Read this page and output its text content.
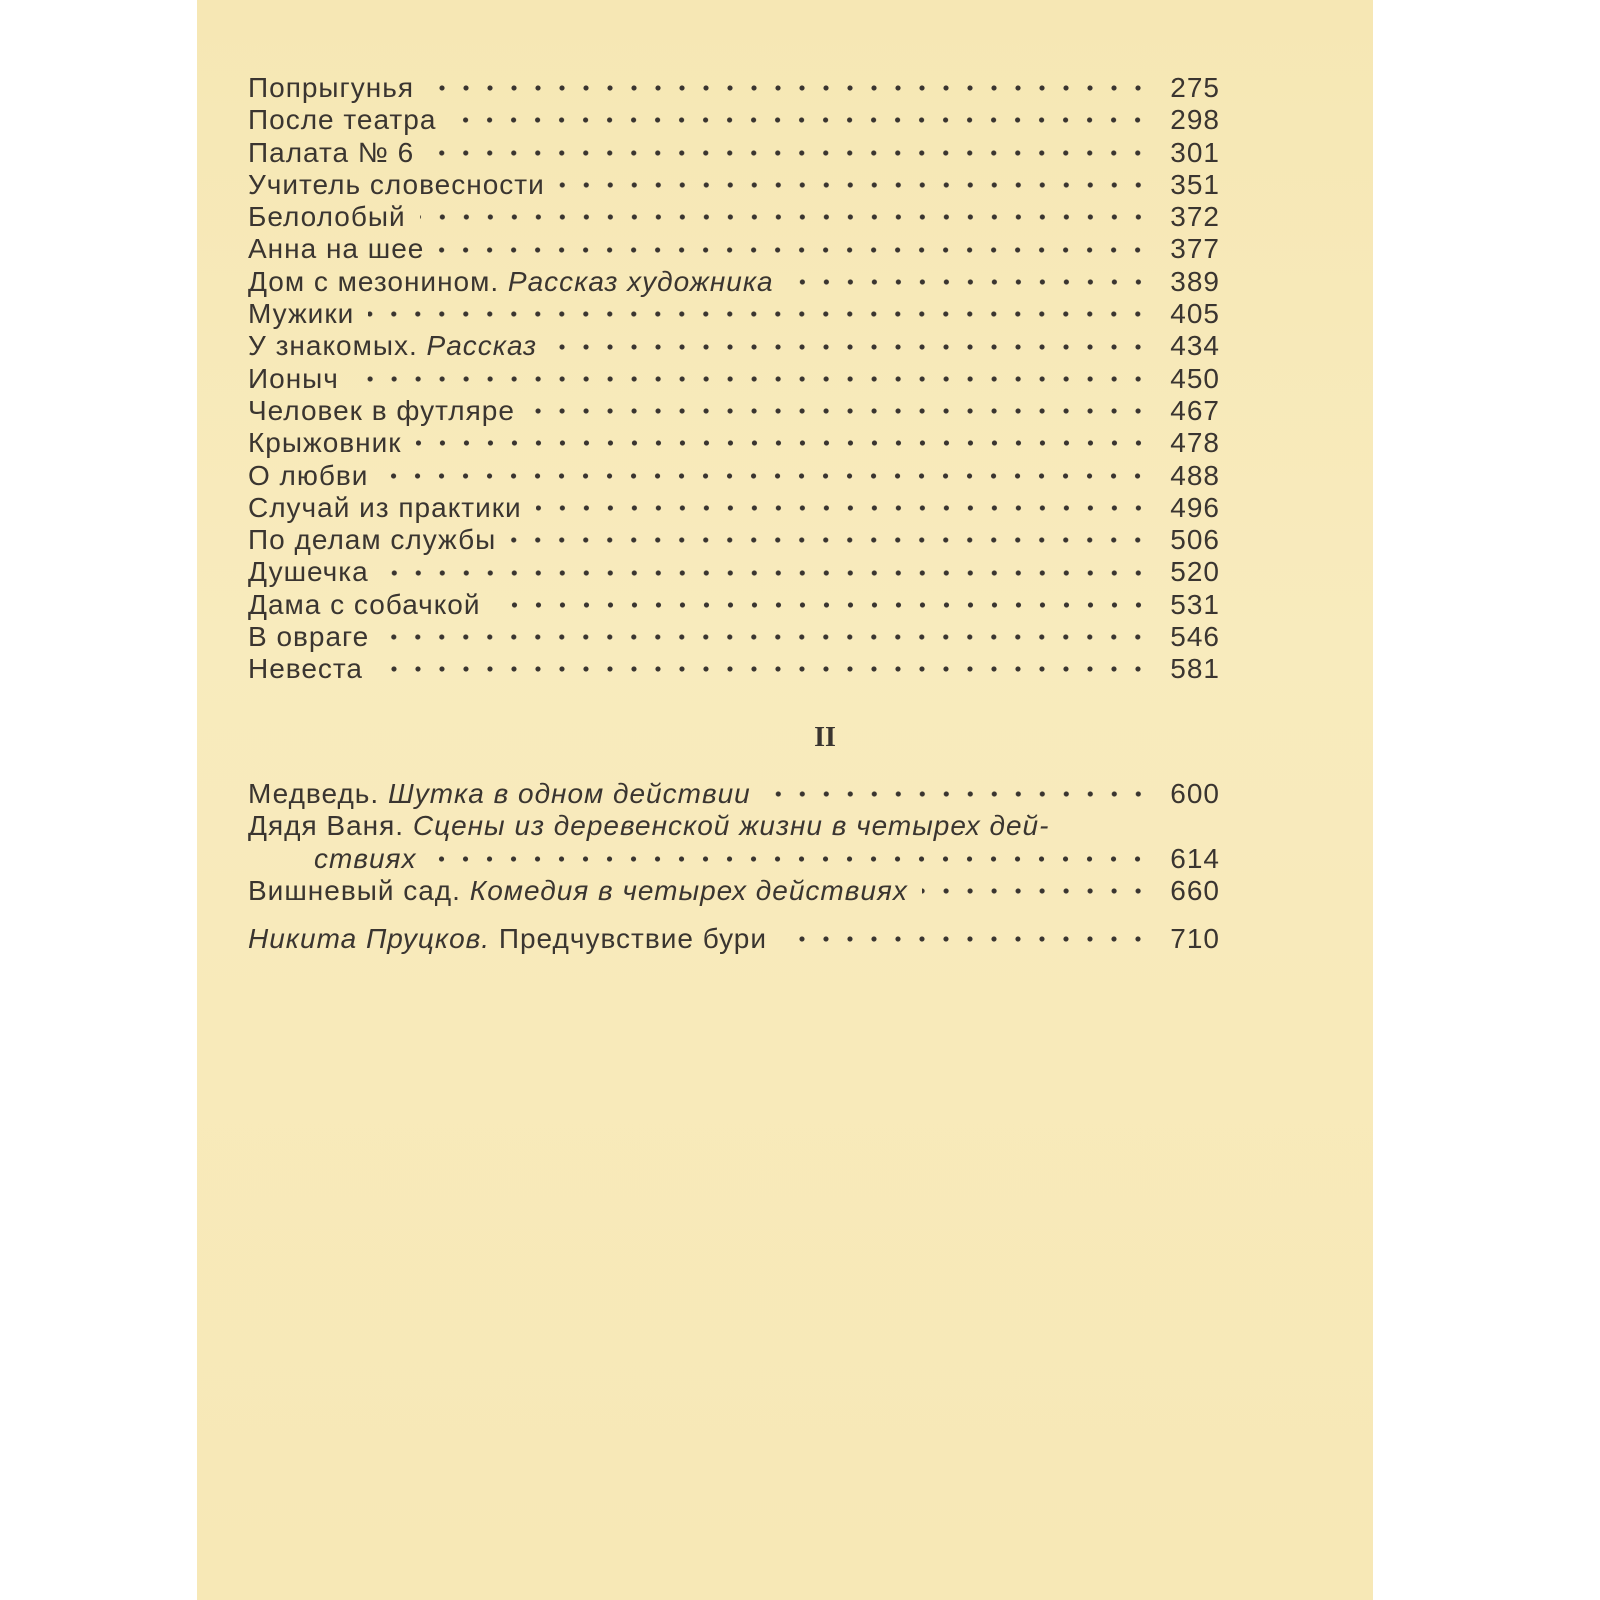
Попрыгунья	275
После театра	298
Палата № 6	301
Учитель словесности	351
Белолобый	372
Анна на шее	377
Дом с мезонином. Рассказ художника	389
Мужики	405
У знакомых. Рассказ	434
Ионыч	450
Человек в футляре	467
Крыжовник	478
О любви	488
Случай из практики	496
По делам службы	506
Душечка	520
Дама с собачкой	531
В овраге	546
Невеста	581
II
Медведь. Шутка в одном действии	600
Дядя Ваня. Сцены из деревенской жизни в четырех дей-
ствиях	614
Вишневый сад. Комедия в четырех действиях	660
Никита Пруцков. Предчувствие бури	710
